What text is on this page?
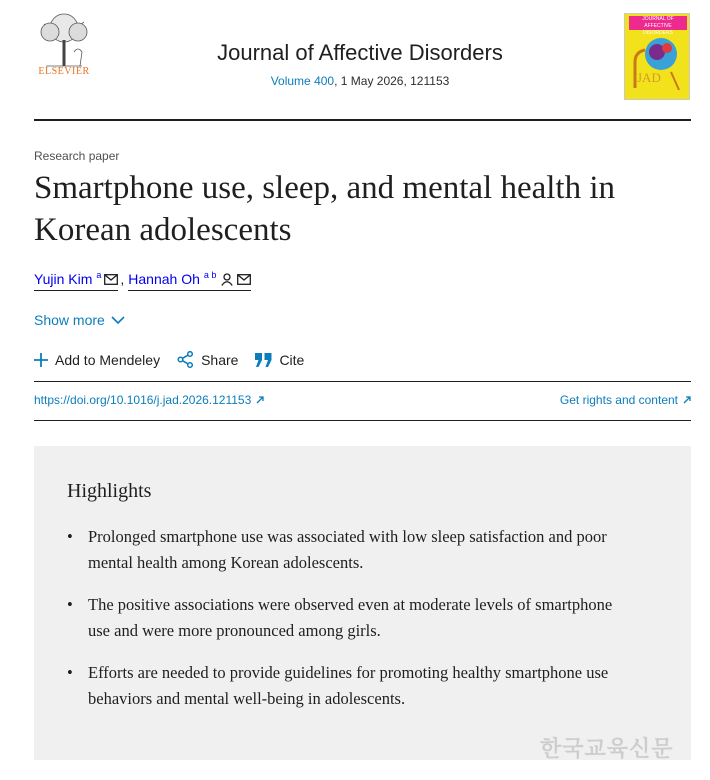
ELSEVIER
Journal of Affective Disorders
Volume 400, 1 May 2026, 121153
JOURNAL OF AFFECTIVE DISORDERS
JAD
Research paper
Smartphone use, sleep, and mental health in Korean adolescents
Yujin Kim $^a$ , Hannah Oh $^{a b}$
Show more
Add to Mendeley	Share	Cite
https://doi.org/10.1016/j.jad.2026.121153	Get rights and content
Highlights
• Prolonged smartphone use was associated with low sleep satisfaction and poor mental health among Korean adolescents.
• The positive associations were observed even at moderate levels of smartphone use and were more pronounced among girls.
• Efforts are needed to provide guidelines for promoting healthy smartphone use behaviors and mental well-being in adolescents.
한국교육신문
